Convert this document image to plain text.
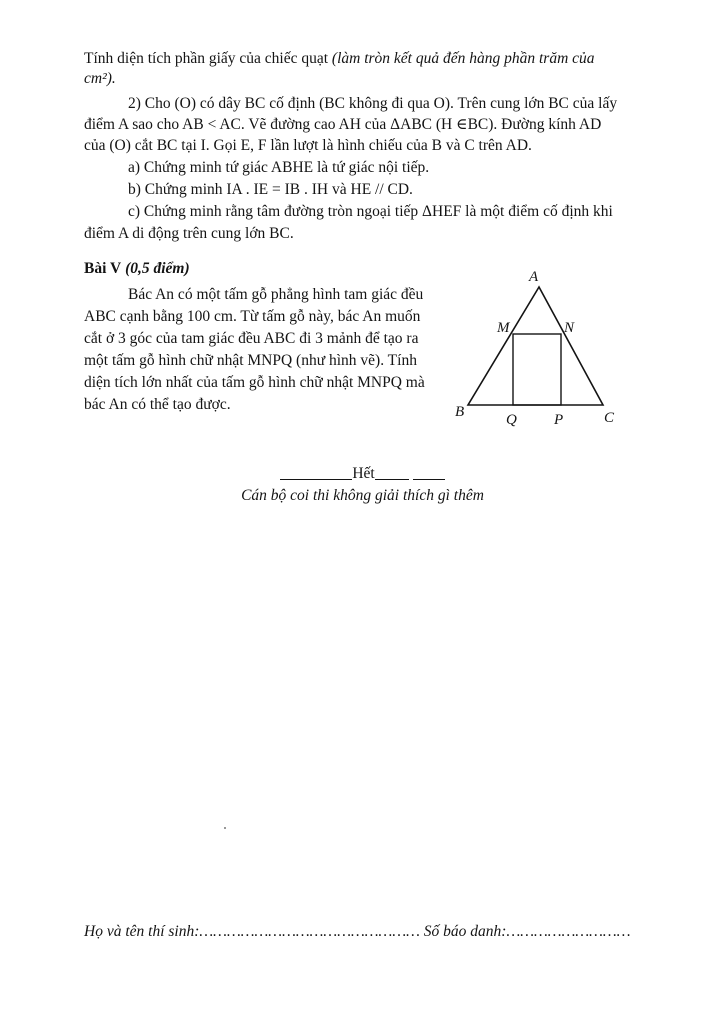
Tính diện tích phần giấy của chiếc quạt (làm tròn kết quả đến hàng phần trăm của
cm²).
2) Cho (O) có dây BC cố định (BC không đi qua O). Trên cung lớn BC của lấy
điểm A sao cho AB < AC. Vẽ đường cao AH của ΔABC (H ∈BC). Đường kính AD
của (O) cắt BC tại I. Gọi E, F lần lượt là hình chiếu của B và C trên AD.
a) Chứng minh tứ giác ABHE là tứ giác nội tiếp.
b) Chứng minh IA . IE = IB . IH và HE // CD.
c) Chứng minh rằng tâm đường tròn ngoại tiếp ΔHEF là một điểm cố định khi
điểm A di động trên cung lớn BC.
Bài V (0,5 điểm)
Bác An có một tấm gỗ phẳng hình tam giác đều
ABC cạnh bằng 100 cm. Từ tấm gỗ này, bác An muốn
cắt ở 3 góc của tam giác đều ABC đi 3 mảnh để tạo ra
một tấm gỗ hình chữ nhật MNPQ (như hình vẽ). Tính
diện tích lớn nhất của tấm gỗ hình chữ nhật MNPQ mà
bác An có thể tạo được.
A
M	N
B	Q P	C
Hết
Cán bộ coi thi không giải thích gì thêm
Họ và tên thí sinh:………………………………………… Số báo danh:………………………
